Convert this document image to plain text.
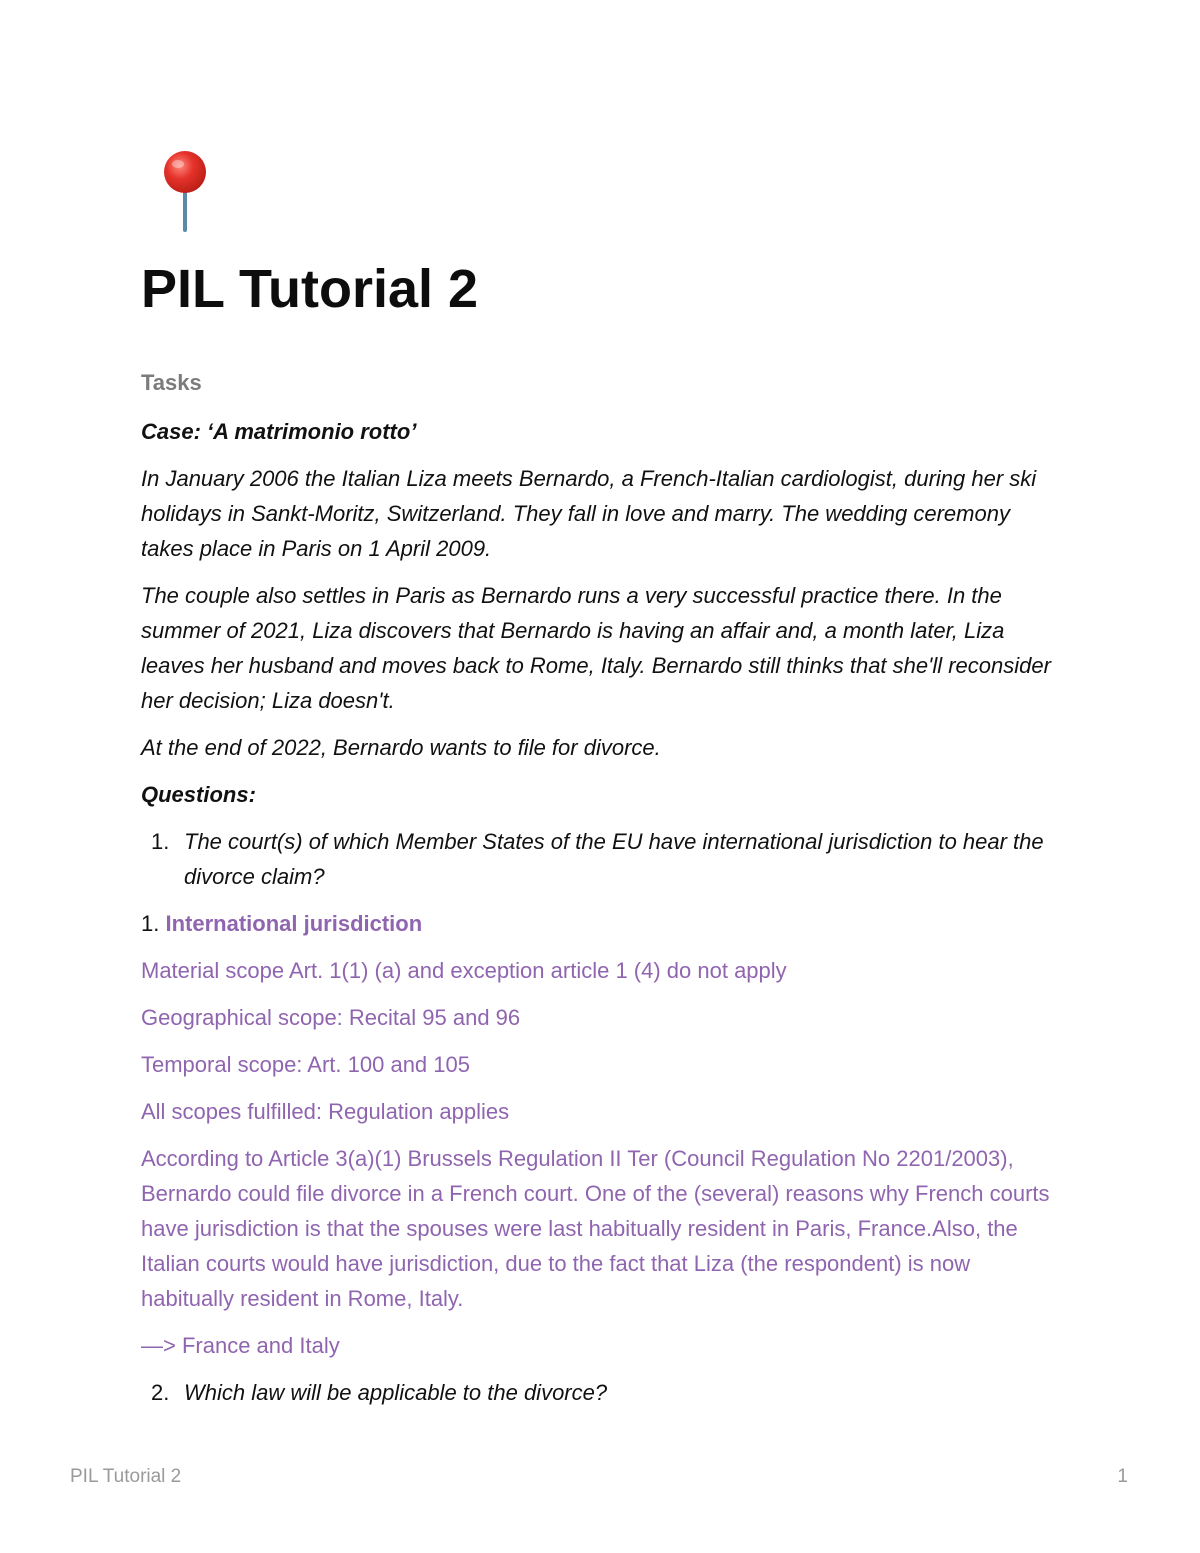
PIL Tutorial 2
Tasks

Case: ‘A matrimonio rotto’

In January 2006 the Italian Liza meets Bernardo, a French-Italian cardiologist, during her ski holidays in Sankt-Moritz, Switzerland. They fall in love and marry. The wedding ceremony takes place in Paris on 1 April 2009.

The couple also settles in Paris as Bernardo runs a very successful practice there. In the summer of 2021, Liza discovers that Bernardo is having an affair and, a month later, Liza leaves her husband and moves back to Rome, Italy. Bernardo still thinks that she'll reconsider her decision; Liza doesn't.

At the end of 2022, Bernardo wants to file for divorce.

Questions:

1. The court(s) of which Member States of the EU have international jurisdiction to hear the divorce claim?
1. International jurisdiction

Material scope Art. 1(1) (a) and exception article 1 (4) do not apply

Geographical scope: Recital 95 and 96

Temporal scope: Art. 100 and 105

All scopes fulfilled: Regulation applies

According to Article 3(a)(1) Brussels Regulation II Ter (Council Regulation No 2201/2003), Bernardo could file divorce in a French court. One of the (several) reasons why French courts have jurisdiction is that the spouses were last habitually resident in Paris, France.Also, the Italian courts would have jurisdiction, due to the fact that Liza (the respondent) is now habitually resident in Rome, Italy.

—> France and Italy

2. Which law will be applicable to the divorce?
PIL Tutorial 2	1
